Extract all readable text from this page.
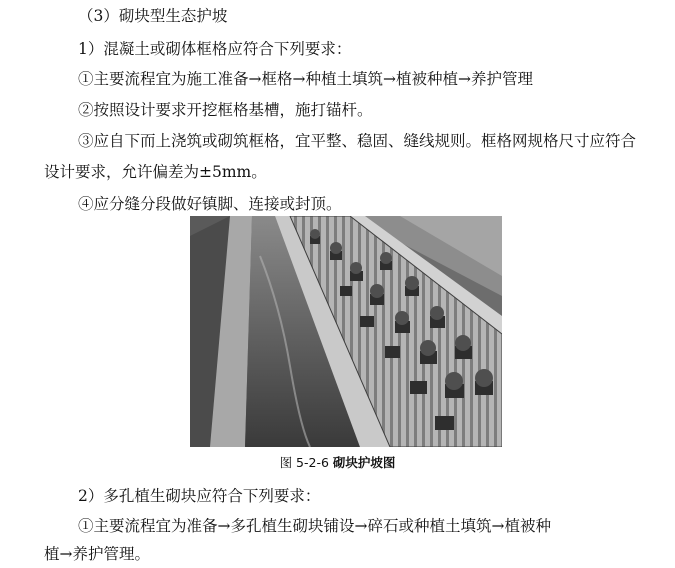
（3）砌块型生态护坡
1）混凝土或砌体框格应符合下列要求：
①主要流程宜为施工准备→框格→种植土填筑→植被种植→养护管理
②按照设计要求开挖框格基槽，施打锚杆。
③应自下而上浇筑或砌筑框格，宜平整、稳固、缝线规则。框格网规格尺寸应符合
设计要求，允许偏差为±5mm。
④应分缝分段做好镇脚、连接或封顶。
图 5-2-6 砌块护坡图
2）多孔植生砌块应符合下列要求：
①主要流程宜为准备→多孔植生砌块铺设→碎石或种植土填筑→植被种
植→养护管理。
